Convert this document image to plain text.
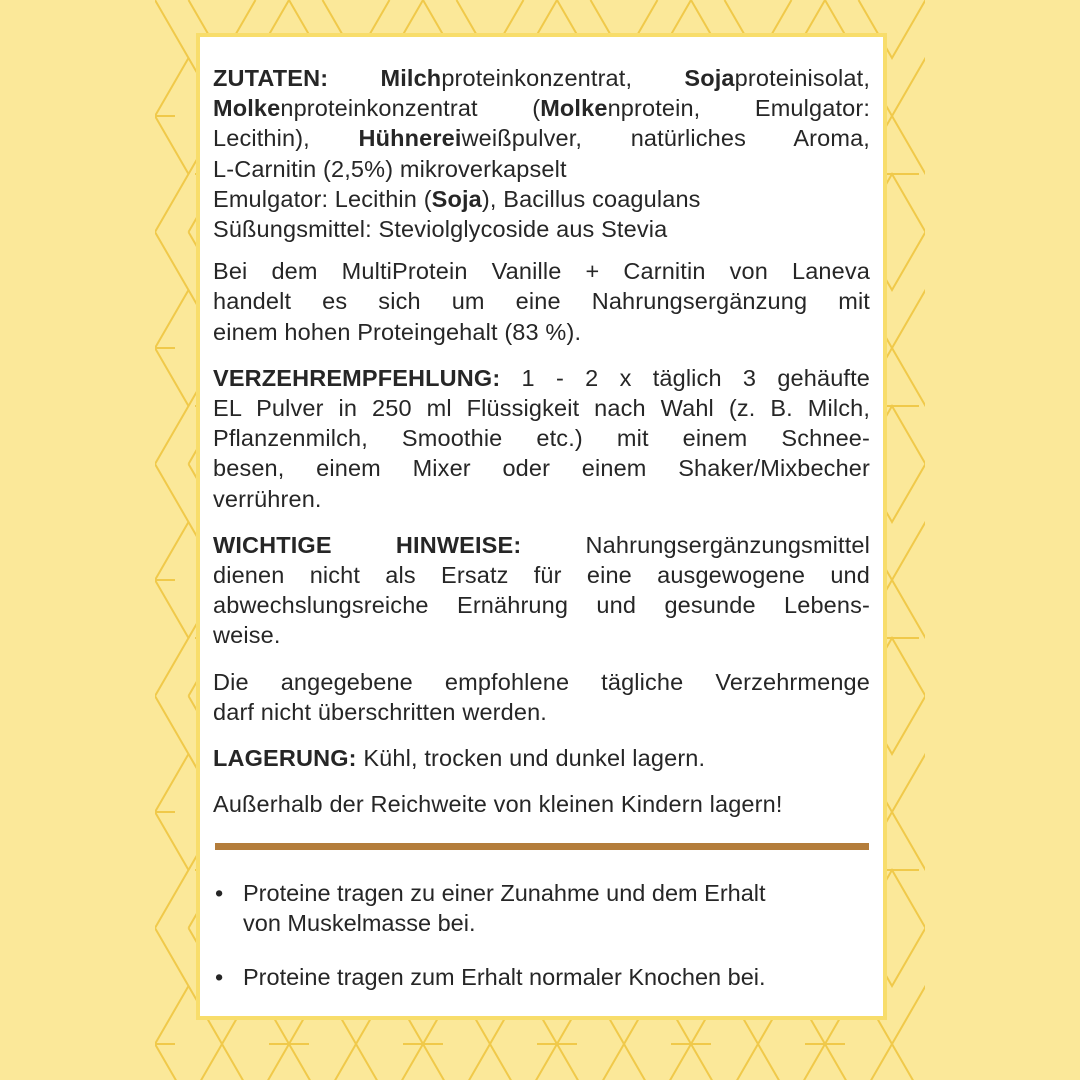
ZUTATEN: Milchproteinkonzentrat, Sojaproteinisolat,
Molkenproteinkonzentrat (Molkenprotein, Emulgator:
Lecithin), Hühnereiweißpulver, natürliches Aroma,
L-Carnitin (2,5%) mikroverkapselt
Emulgator: Lecithin (Soja), Bacillus coagulans
Süßungsmittel: Steviolglycoside aus Stevia
Bei dem MultiProtein Vanille + Carnitin von Laneva
handelt es sich um eine Nahrungsergänzung mit
einem hohen Proteingehalt (83 %).
VERZEHREMPFEHLUNG: 1 - 2 x täglich 3 gehäufte
EL Pulver in 250 ml Flüssigkeit nach Wahl (z. B. Milch,
Pflanzenmilch, Smoothie etc.) mit einem Schnee-
besen, einem Mixer oder einem Shaker/Mixbecher
verrühren.
WICHTIGE HINWEISE: Nahrungsergänzungsmittel
dienen nicht als Ersatz für eine ausgewogene und
abwechslungsreiche Ernährung und gesunde Lebens-
weise.
Die angegebene empfohlene tägliche Verzehrmenge
darf nicht überschritten werden.
LAGERUNG: Kühl, trocken und dunkel lagern.
Außerhalb der Reichweite von kleinen Kindern lagern!
• Proteine tragen zu einer Zunahme und dem Erhalt
von Muskelmasse bei.
• Proteine tragen zum Erhalt normaler Knochen bei.
